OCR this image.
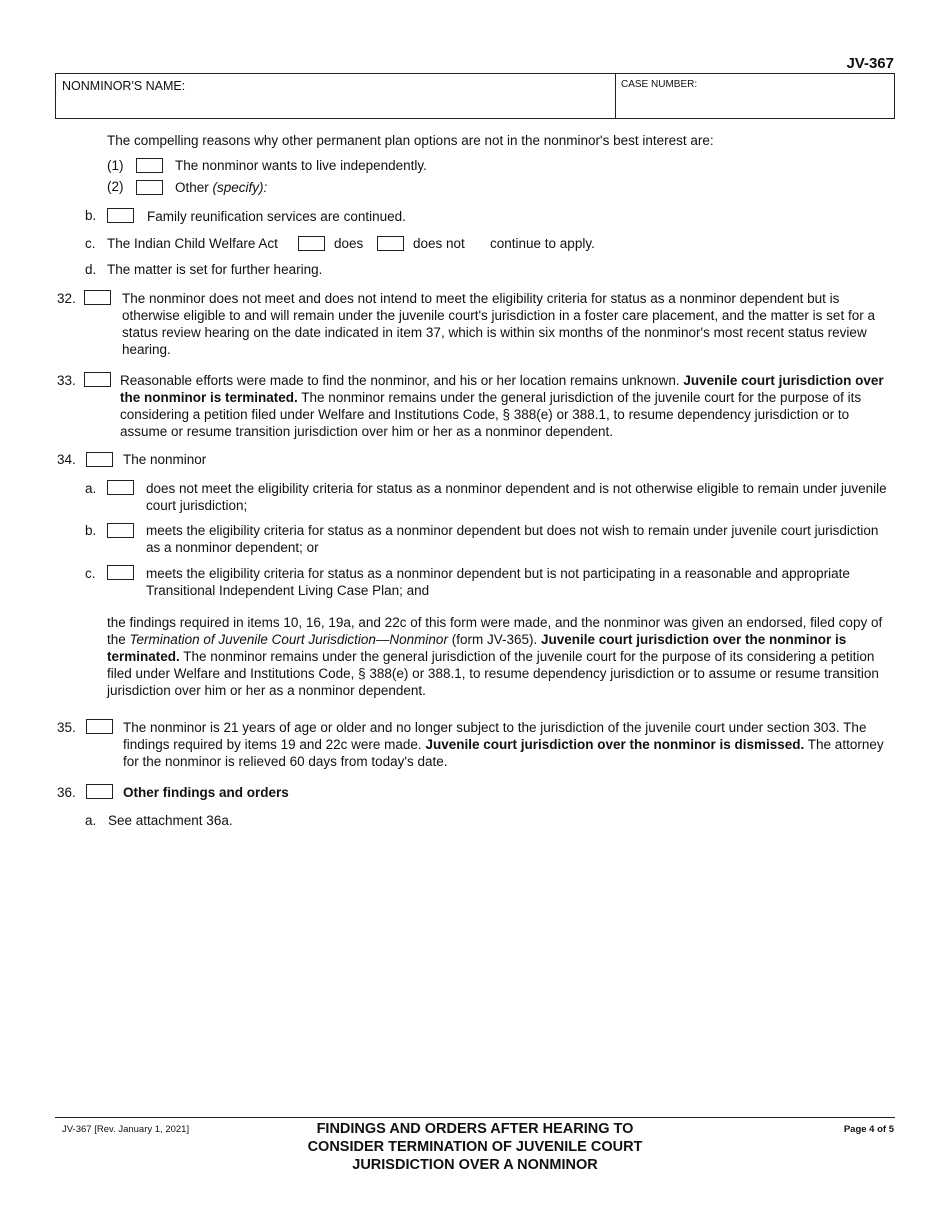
JV-367
NONMINOR'S NAME:	CASE NUMBER:
The compelling reasons why other permanent plan options are not in the nonminor's best interest are:
(1)	The nonminor wants to live independently.
(2)	Other (specify):
b.	Family reunification services are continued.
c. The Indian Child Welfare Act	does	does not continue to apply.
d. The matter is set for further hearing.
32.	The nonminor does not meet and does not intend to meet the eligibility criteria for status as a nonminor dependent but is otherwise eligible to and will remain under the juvenile court's jurisdiction in a foster care placement, and the matter is set for a status review hearing on the date indicated in item 37, which is within six months of the nonminor's most recent status review hearing.
33.	Reasonable efforts were made to find the nonminor, and his or her location remains unknown. Juvenile court jurisdiction over the nonminor is terminated. The nonminor remains under the general jurisdiction of the juvenile court for the purpose of its considering a petition filed under Welfare and Institutions Code, § 388(e) or 388.1, to resume dependency jurisdiction or to assume or resume transition jurisdiction over him or her as a nonminor dependent.
34.	The nonminor
a.	does not meet the eligibility criteria for status as a nonminor dependent and is not otherwise eligible to remain under juvenile court jurisdiction;
b.	meets the eligibility criteria for status as a nonminor dependent but does not wish to remain under juvenile court jurisdiction as a nonminor dependent; or
c.	meets the eligibility criteria for status as a nonminor dependent but is not participating in a reasonable and appropriate Transitional Independent Living Case Plan; and
the findings required in items 10, 16, 19a, and 22c of this form were made, and the nonminor was given an endorsed, filed copy of the Termination of Juvenile Court Jurisdiction—Nonminor (form JV-365). Juvenile court jurisdiction over the nonminor is terminated. The nonminor remains under the general jurisdiction of the juvenile court for the purpose of its considering a petition filed under Welfare and Institutions Code, § 388(e) or 388.1, to resume dependency jurisdiction or to assume or resume transition jurisdiction over him or her as a nonminor dependent.
35.	The nonminor is 21 years of age or older and no longer subject to the jurisdiction of the juvenile court under section 303. The findings required by items 19 and 22c were made. Juvenile court jurisdiction over the nonminor is dismissed. The attorney for the nonminor is relieved 60 days from today's date.
36.	Other findings and orders
a. See attachment 36a.
JV-367 [Rev. January 1, 2021]	FINDINGS AND ORDERS AFTER HEARING TO
CONSIDER TERMINATION OF JUVENILE COURT
JURISDICTION OVER A NONMINOR
Page 4 of 5
